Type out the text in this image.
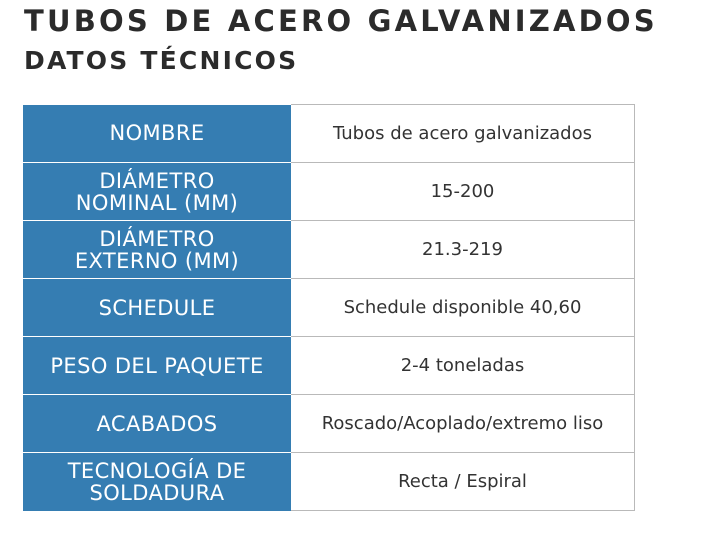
TUBOS DE ACERO GALVANIZADOS
DATOS TÉCNICOS
NOMBRE	Tubos de acero galvanizados
DIÁMETRO
NOMINAL (MM)	15-200
DIÁMETRO
EXTERNO (MM)	21.3-219
SCHEDULE	Schedule disponible 40,60
PESO DEL PAQUETE	2-4 toneladas
ACABADOS	Roscado/Acoplado/extremo liso
TECNOLOGÍA DE
SOLDADURA	Recta / Espiral
